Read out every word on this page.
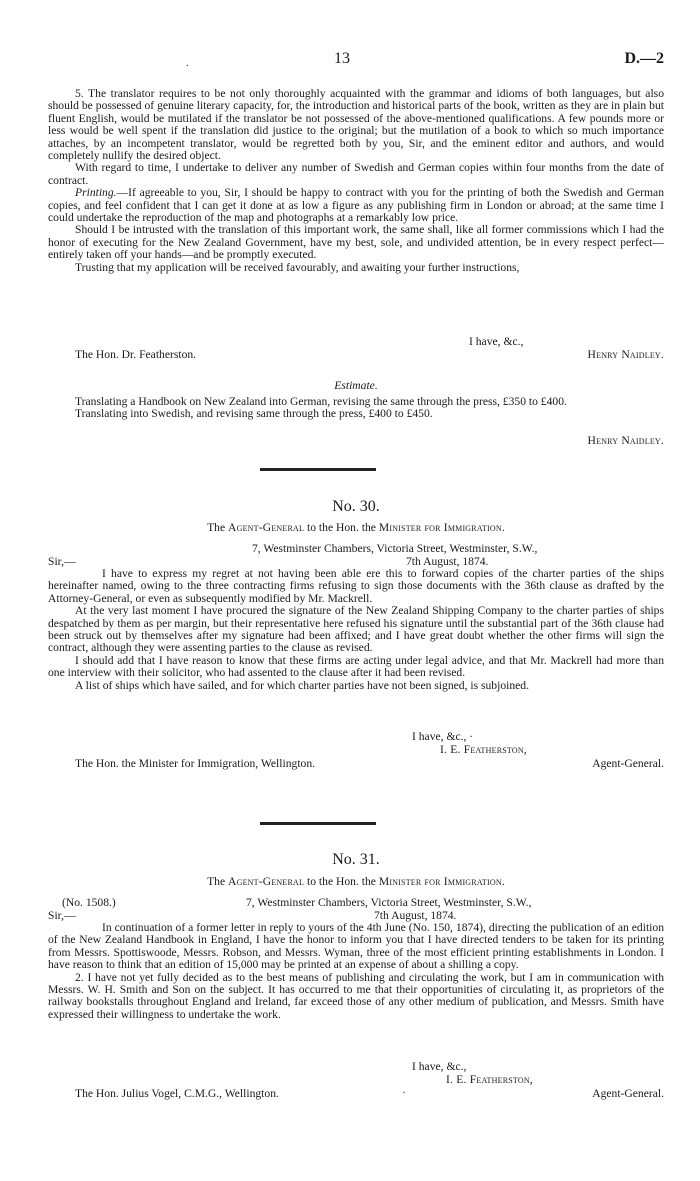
.	13	D.—2

5. The translator requires to be not only thoroughly acquainted with the grammar and idioms of both languages, but also should be possessed of genuine literary capacity, for, the introduction and historical parts of the book, written as they are in plain but fluent English, would be mutilated if the translator be not possessed of the above-mentioned qualifications. A few pounds more or less would be well spent if the translation did justice to the original; but the mutilation of a book to which so much importance attaches, by an incompetent translator, would be regretted both by you, Sir, and the eminent editor and authors, and would completely nullify the desired object.

With regard to time, I undertake to deliver any number of Swedish and German copies within four months from the date of contract.

Printing.—If agreeable to you, Sir, I should be happy to contract with you for the printing of both the Swedish and German copies, and feel confident that I can get it done at as low a figure as any publishing firm in London or abroad; at the same time I could undertake the reproduction of the map and photographs at a remarkably low price.

Should I be intrusted with the translation of this important work, the same shall, like all former commissions which I had the honor of executing for the New Zealand Government, have my best, sole, and undivided attention, be in every respect perfect—entirely taken off your hands—and be promptly executed.

Trusting that my application will be received favourably, and awaiting your further instructions,

I have, &c.,
The Hon. Dr. Featherston.	Henry Naidley.
Estimate.

Translating a Handbook on New Zealand into German, revising the same through the press, £350 to £400.

Translating into Swedish, and revising same through the press, £400 to £450.

Henry Naidley.
No. 30.
The Agent-General to the Hon. the Minister for Immigration.
7, Westminster Chambers, Victoria Street, Westminster, S.W.,
Sir,—	7th August, 1874.

I have to express my regret at not having been able ere this to forward copies of the charter parties of the ships hereinafter named, owing to the three contracting firms refusing to sign those documents with the 36th clause as drafted by the Attorney-General, or even as subsequently modified by Mr. Mackrell.

At the very last moment I have procured the signature of the New Zealand Shipping Company to the charter parties of ships despatched by them as per margin, but their representative here refused his signature until the substantial part of the 36th clause had been struck out by themselves after my signature had been affixed; and I have great doubt whether the other firms will sign the contract, although they were assenting parties to the clause as revised.

I should add that I have reason to know that these firms are acting under legal advice, and that Mr. Mackrell had more than one interview with their solicitor, who had assented to the clause after it had been revised.

A list of ships which have sailed, and for which charter parties have not been signed, is subjoined.

I have, &c., ·
I. E. Featherston,
The Hon. the Minister for Immigration, Wellington.	Agent-General.
No. 31.
The Agent-General to the Hon. the Minister for Immigration.
(No. 1508.)	7, Westminster Chambers, Victoria Street, Westminster, S.W.,
Sir,—	7th August, 1874.

In continuation of a former letter in reply to yours of the 4th June (No. 150, 1874), directing the publication of an edition of the New Zealand Handbook in England, I have the honor to inform you that I have directed tenders to be taken for its printing from Messrs. Spottiswoode, Messrs. Robson, and Messrs. Wyman, three of the most efficient printing establishments in London. I have reason to think that an edition of 15,000 may be printed at an expense of about a shilling a copy.

2. I have not yet fully decided as to the best means of publishing and circulating the work, but I am in communication with Messrs. W. H. Smith and Son on the subject. It has occurred to me that their opportunities of circulating it, as proprietors of the railway bookstalls throughout England and Ireland, far exceed those of any other medium of publication, and Messrs. Smith have expressed their willingness to undertake the work.

I have, &c.,
I. E. Featherston,
The Hon. Julius Vogel, C.M.G., Wellington.	·	Agent-General.
